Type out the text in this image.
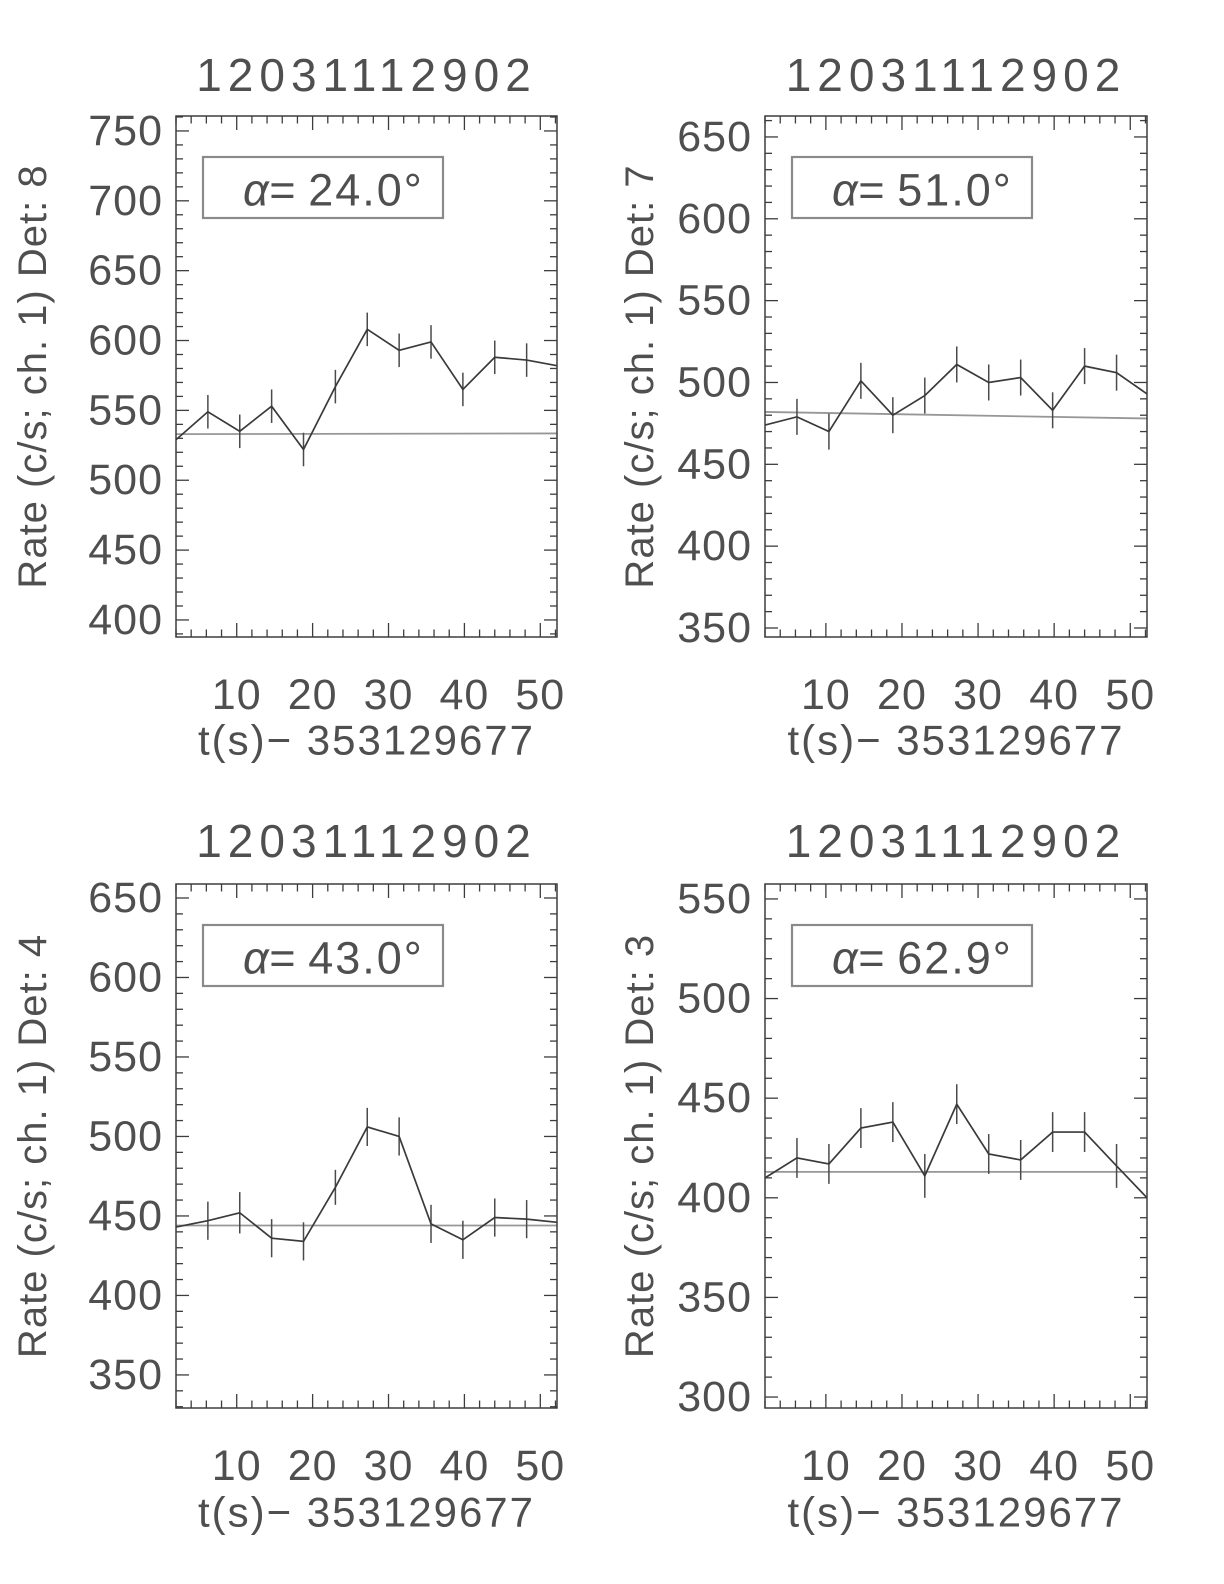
400
450
500
550
600
650
700
750
10 20 30 40 50
12031112902
Rate (c/s; ch. 1) Det: 8
t(s)− 353129677
α= 24.0°
350
400
450
500
550
600
650
10 20 30 40 50
12031112902
Rate (c/s; ch. 1) Det: 7
t(s)− 353129677
α= 51.0°
350
400
450
500
550
600
650
10 20 30 40 50
12031112902
Rate (c/s; ch. 1) Det: 4
t(s)− 353129677
α= 43.0°
300
350
400
450
500
550
10 20 30 40 50
12031112902
Rate (c/s; ch. 1) Det: 3
t(s)− 353129677
α= 62.9°
